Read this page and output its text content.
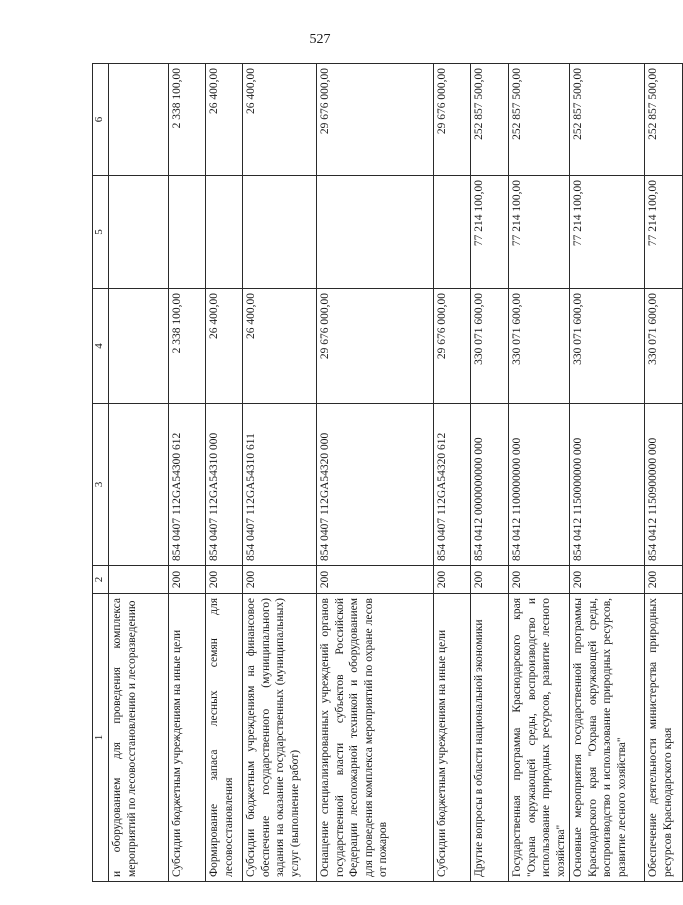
527
1	2	3	4	5	6
и оборудованием для проведения комплекса мероприятий по лесовосстановлению и лесоразведению					
Субсидии бюджетным учреждениям на иные цели	200	854 0407 112GA54300 612	2 338 100,00		2 338 100,00
Формирование запаса лесных семян для лесовосстановления	200	854 0407 112GA54310 000	26 400,00		26 400,00
Субсидии бюджетным учреждениям на финансовое обеспечение государственного (муниципального) задания на оказание государственных (муниципальных) услуг (выполнение работ)	200	854 0407 112GA54310 611	26 400,00		26 400,00
Оснащение специализированных учреждений органов государственной власти субъектов Российской Федерации лесопожарной техникой и оборудованием для проведения комплекса мероприятий по охране лесов от пожаров	200	854 0407 112GA54320 000	29 676 000,00		29 676 000,00
Субсидии бюджетным учреждениям на иные цели	200	854 0407 112GA54320 612	29 676 000,00		29 676 000,00
Другие вопросы в области национальной экономики	200	854 0412 0000000000 000	330 071 600,00	77 214 100,00	252 857 500,00
Государственная программа Краснодарского края "Охрана окружающей среды, воспроизводство и использование природных ресурсов, развитие лесного хозяйства"	200	854 0412 1100000000 000	330 071 600,00	77 214 100,00	252 857 500,00
Основные мероприятия государственной программы Краснодарского края "Охрана окружающей среды, воспроизводство и использование природных ресурсов, развитие лесного хозяйства"	200	854 0412 1150000000 000	330 071 600,00	77 214 100,00	252 857 500,00
Обеспечение деятельности министерства природных ресурсов Краснодарского края	200	854 0412 1150900000 000	330 071 600,00	77 214 100,00	252 857 500,00
